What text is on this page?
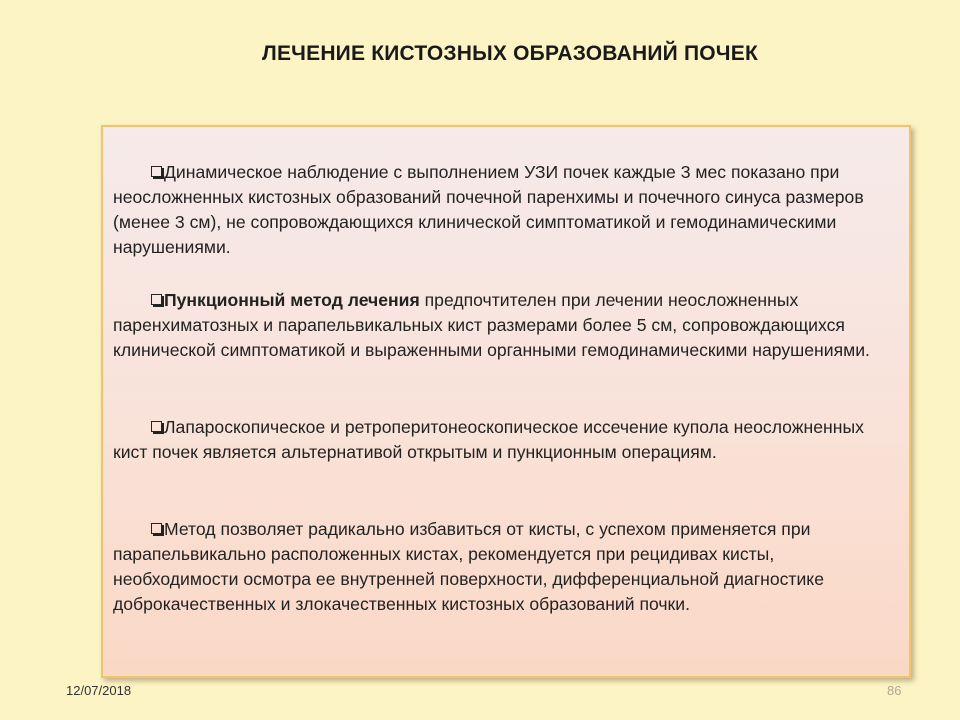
ЛЕЧЕНИЕ КИСТОЗНЫХ ОБРАЗОВАНИЙ ПОЧЕК

Динамическое наблюдение с выполнением УЗИ почек каждые 3 мес показано при неосложненных кистозных образований почечной паренхимы и почечного синуса размеров (менее 3 см), не сопровождающихся клинической симптоматикой и гемодинамическими нарушениями.

Пункционный метод лечения предпочтителен при лечении неосложненных паренхиматозных и парапельвикальных кист размерами более 5 см, сопровождающихся клинической симптоматикой и выраженными органными гемодинамическими нарушениями.

Лапароскопическое и ретроперитонеоскопическое иссечение купола неосложненных кист почек является альтернативой открытым и пункционным операциям.

Метод позволяет радикально избавиться от кисты, с успехом применяется при парапельвикально расположенных кистах, рекомендуется при рецидивах кисты, необходимости осмотра ее внутренней поверхности, дифференциальной диагностике доброкачественных и злокачественных кистозных образований почки.

12/07/2018	86
